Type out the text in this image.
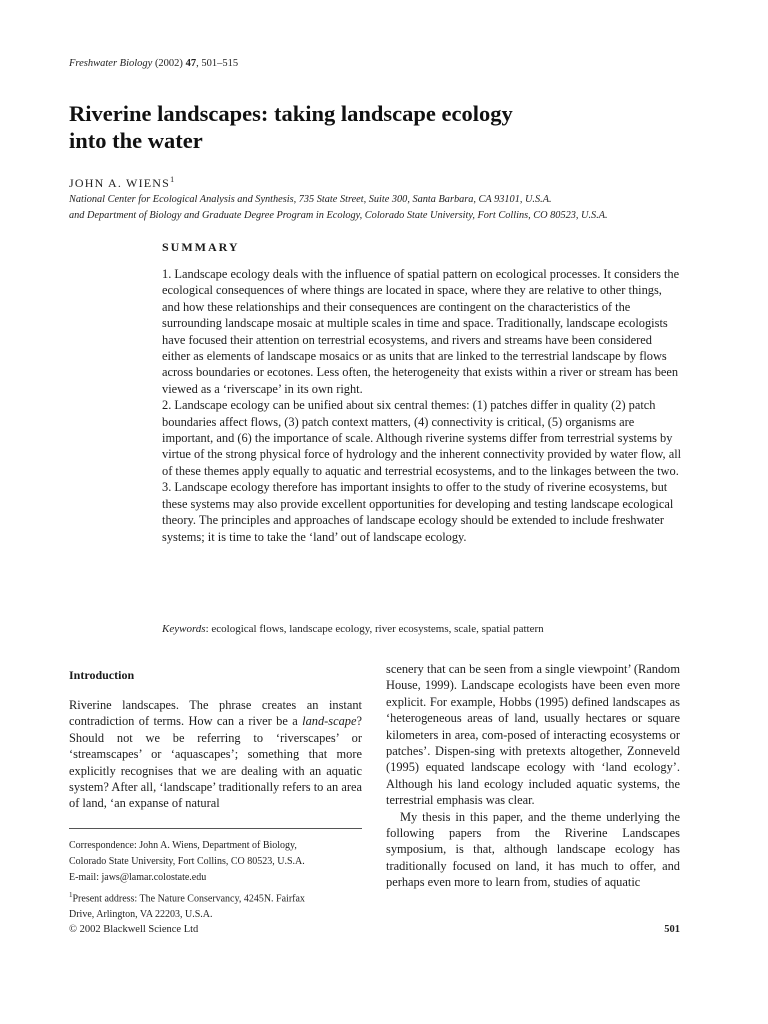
Freshwater Biology (2002) 47, 501–515
Riverine landscapes: taking landscape ecology
into the water
JOHN A. WIENS$^1$
National Center for Ecological Analysis and Synthesis, 735 State Street, Suite 300, Santa Barbara, CA 93101, U.S.A.
and Department of Biology and Graduate Degree Program in Ecology, Colorado State University, Fort Collins, CO 80523, U.S.A.
SUMMARY

1. Landscape ecology deals with the influence of spatial pattern on ecological processes. It considers the ecological consequences of where things are located in space, where they are relative to other things, and how these relationships and their consequences are contingent on the characteristics of the surrounding landscape mosaic at multiple scales in time and space. Traditionally, landscape ecologists have focused their attention on terrestrial ecosystems, and rivers and streams have been considered either as elements of landscape mosaics or as units that are linked to the terrestrial landscape by flows across boundaries or ecotones. Less often, the heterogeneity that exists within a river or stream has been viewed as a ‘riverscape’ in its own right.

2. Landscape ecology can be unified about six central themes: (1) patches differ in quality (2) patch boundaries affect flows, (3) patch context matters, (4) connectivity is critical, (5) organisms are important, and (6) the importance of scale. Although riverine systems differ from terrestrial systems by virtue of the strong physical force of hydrology and the inherent connectivity provided by water flow, all of these themes apply equally to aquatic and terrestrial ecosystems, and to the linkages between the two.

3. Landscape ecology therefore has important insights to offer to the study of riverine ecosystems, but these systems may also provide excellent opportunities for developing and testing landscape ecological theory. The principles and approaches of landscape ecology should be extended to include freshwater systems; it is time to take the ‘land’ out of landscape ecology.

Keywords: ecological flows, landscape ecology, river ecosystems, scale, spatial pattern
Introduction

Riverine landscapes. The phrase creates an instant contradiction of terms. How can a river be a land-scape? Should not we be referring to ‘riverscapes’ or ‘streamscapes’ or ‘aquascapes’; something that more explicitly recognises that we are dealing with an aquatic system? After all, ‘landscape’ traditionally refers to an area of land, ‘an expanse of natural

Correspondence: John A. Wiens, Department of Biology,
Colorado State University, Fort Collins, CO 80523, U.S.A.
E-mail: jaws@lamar.colostate.edu
$^1$Present address: The Nature Conservancy, 4245N. Fairfax
Drive, Arlington, VA 22203, U.S.A.

scenery that can be seen from a single viewpoint’ (Random House, 1999). Landscape ecologists have been even more explicit. For example, Hobbs (1995) defined landscapes as ‘heterogeneous areas of land, usually hectares or square kilometers in area, com-posed of interacting ecosystems or patches’. Dispen-sing with pretexts altogether, Zonneveld (1995) equated landscape ecology with ‘land ecology’. Although his land ecology included aquatic systems, the terrestrial emphasis was clear.

My thesis in this paper, and the theme underlying the following papers from the Riverine Landscapes symposium, is that, although landscape ecology has traditionally focused on land, it has much to offer, and perhaps even more to learn from, studies of aquatic

© 2002 Blackwell Science Ltd	501
